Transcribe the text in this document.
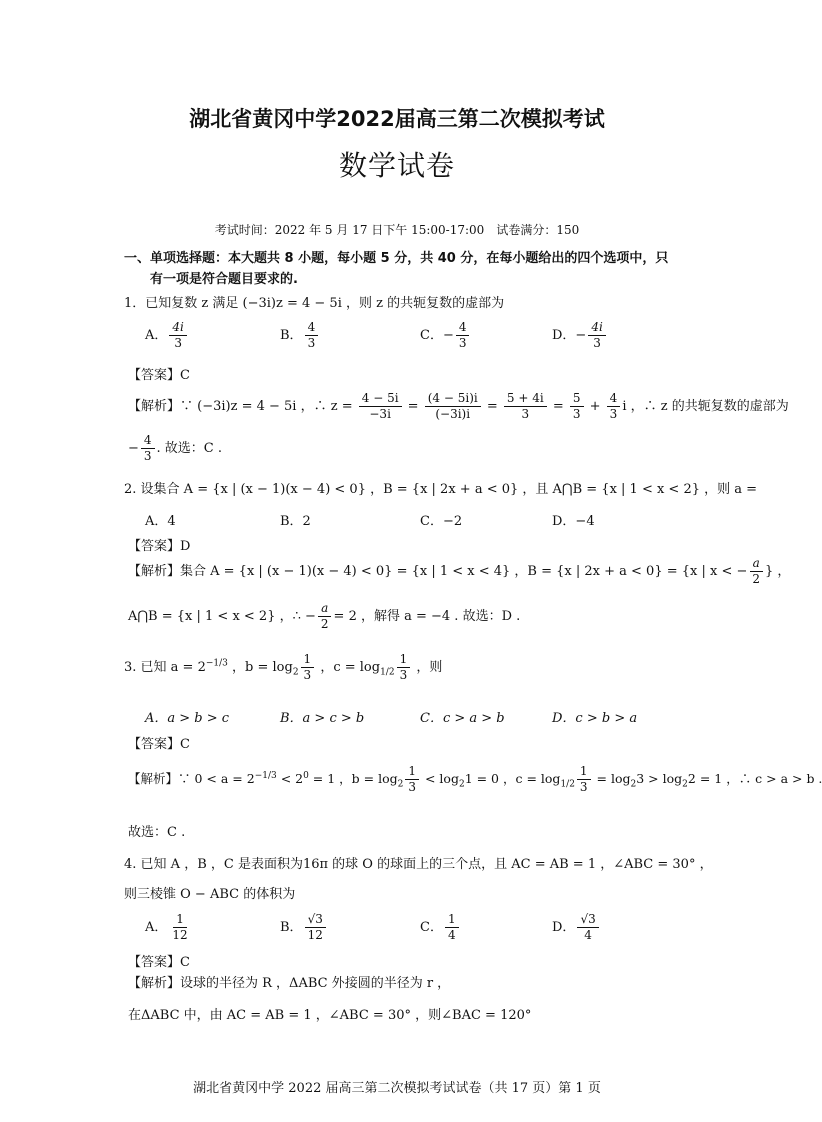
湖北省黄冈中学2022届高三第二次模拟考试
数学试卷
考试时间：2022 年 5 月 17 日下午 15:00-17:00　试卷满分：150
一、单项选择题：本大题共 8 小题，每小题 5 分，共 40 分，在每小题给出的四个选项中，只
有一项是符合题目要求的.
1．已知复数 z 满足 (−3i)z = 4 − 5i ，则 z 的共轭复数的虚部为
A． $\frac{4i}{3}$	B． $\frac{4}{3}$	C．− $\frac{4}{3}$	D．− $\frac{4i}{3}$
【答案】C
【解析】∵ (−3i)z = 4 − 5i ，∴ $z = \frac{4 - 5i}{-3i} = \frac{(4 - 5i)i}{(-3i)i} = \frac{5 + 4i}{3} = \frac{5}{3} + \frac{4}{3}$ i ，∴ z 的共轭复数的虚部为
− $\frac{4}{3}$ . 故选：C .
2. 设集合 A = {x | (x − 1)(x − 4) < 0} ，B = {x | 2x + a < 0} ，且 A⋂B = {x | 1 < x < 2} ，则 a =
A．4	B．2	C．−2	D．−4
【答案】D
【解析】集合 A = {x | (x − 1)(x − 4) < 0} = {x | 1 < x < 4} ，B = {x | 2x + a < 0} = {x | x < − $\frac{a}{2}$ } ，
A⋂B = {x | 1 < x < 2} ，∴ − $\frac{a}{2} = 2$ ，解得 a = −4 . 故选：D .
3. 已知 $a = 2^{-1/3}$ ，$b = \log_2 \frac{1}{3}$ ，$c = \log_{1/2} \frac{1}{3}$ ，则
A．a > b > c	B．a > c > b	C．c > a > b	D．c > b > a
【答案】C
【解析】∵ $0 < a = 2^{-1/3} < 2^0 = 1$ ，$b = \log_2 \frac{1}{3} < \log_21 = 0$ ，$c = \log_{1/2} \frac{1}{3} = \log_23 > \log_22 = 1$ ，∴ c > a > b .
故选：C .
4. 已知 A ，B ，C 是表面积为16π 的球 O 的球面上的三个点，且 AC = AB = 1 ，∠ABC = 30° ，
则三棱锥 O − ABC 的体积为
A． $\frac{1}{12}$	B． $\frac{√3}{12}$	C． $\frac{1}{4}$	D． $\frac{√3}{4}$
【答案】C
【解析】设球的半径为 R ，ΔABC 外接圆的半径为 r ，
在ΔABC 中，由 AC = AB = 1 ，∠ABC = 30° ，则∠BAC = 120°
湖北省黄冈中学 2022 届高三第二次模拟考试试卷（共 17 页）第 1 页
